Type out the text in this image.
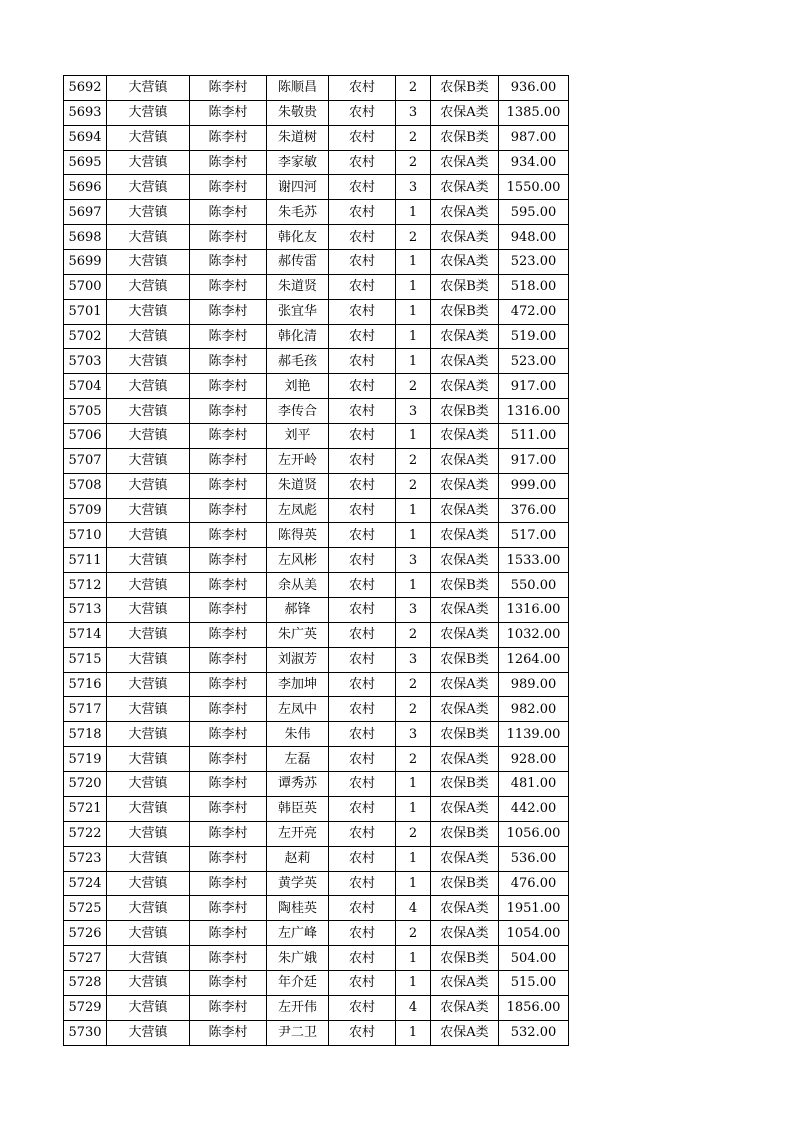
5692	大营镇	陈李村	陈顺昌	农村	2	农保B类	936.00
5693	大营镇	陈李村	朱敬贵	农村	3	农保A类	1385.00
5694	大营镇	陈李村	朱道树	农村	2	农保B类	987.00
5695	大营镇	陈李村	李家敏	农村	2	农保A类	934.00
5696	大营镇	陈李村	谢四河	农村	3	农保A类	1550.00
5697	大营镇	陈李村	朱毛苏	农村	1	农保A类	595.00
5698	大营镇	陈李村	韩化友	农村	2	农保A类	948.00
5699	大营镇	陈李村	郝传雷	农村	1	农保A类	523.00
5700	大营镇	陈李村	朱道贤	农村	1	农保B类	518.00
5701	大营镇	陈李村	张宜华	农村	1	农保B类	472.00
5702	大营镇	陈李村	韩化清	农村	1	农保A类	519.00
5703	大营镇	陈李村	郝毛孩	农村	1	农保A类	523.00
5704	大营镇	陈李村	刘艳	农村	2	农保A类	917.00
5705	大营镇	陈李村	李传合	农村	3	农保B类	1316.00
5706	大营镇	陈李村	刘平	农村	1	农保A类	511.00
5707	大营镇	陈李村	左开岭	农村	2	农保A类	917.00
5708	大营镇	陈李村	朱道贤	农村	2	农保A类	999.00
5709	大营镇	陈李村	左凤彪	农村	1	农保A类	376.00
5710	大营镇	陈李村	陈得英	农村	1	农保A类	517.00
5711	大营镇	陈李村	左风彬	农村	3	农保A类	1533.00
5712	大营镇	陈李村	余从美	农村	1	农保B类	550.00
5713	大营镇	陈李村	郝锋	农村	3	农保A类	1316.00
5714	大营镇	陈李村	朱广英	农村	2	农保A类	1032.00
5715	大营镇	陈李村	刘淑芳	农村	3	农保B类	1264.00
5716	大营镇	陈李村	李加坤	农村	2	农保A类	989.00
5717	大营镇	陈李村	左凤中	农村	2	农保A类	982.00
5718	大营镇	陈李村	朱伟	农村	3	农保B类	1139.00
5719	大营镇	陈李村	左磊	农村	2	农保A类	928.00
5720	大营镇	陈李村	谭秀苏	农村	1	农保B类	481.00
5721	大营镇	陈李村	韩臣英	农村	1	农保A类	442.00
5722	大营镇	陈李村	左开亮	农村	2	农保B类	1056.00
5723	大营镇	陈李村	赵莉	农村	1	农保A类	536.00
5724	大营镇	陈李村	黄学英	农村	1	农保B类	476.00
5725	大营镇	陈李村	陶桂英	农村	4	农保A类	1951.00
5726	大营镇	陈李村	左广峰	农村	2	农保A类	1054.00
5727	大营镇	陈李村	朱广娥	农村	1	农保B类	504.00
5728	大营镇	陈李村	年介廷	农村	1	农保A类	515.00
5729	大营镇	陈李村	左开伟	农村	4	农保A类	1856.00
5730	大营镇	陈李村	尹二卫	农村	1	农保A类	532.00
